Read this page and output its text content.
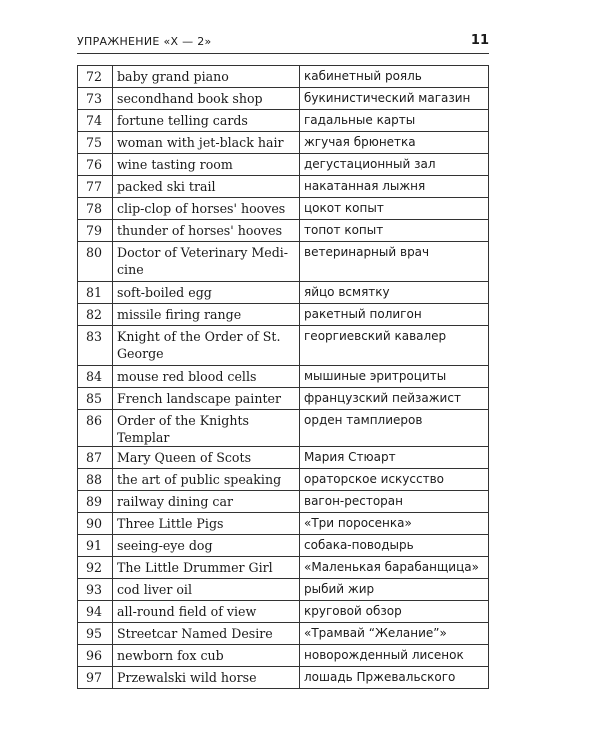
УПРАЖНЕНИЕ «X — 2»	11
72	baby grand piano	кабинетный рояль
73	secondhand book shop	букинистический магазин
74	fortune telling cards	гадальные карты
75	woman with jet-black hair	жгучая брюнетка
76	wine tasting room	дегустационный зал
77	packed ski trail	накатанная лыжня
78	clip-clop of horses' hooves	цокот копыт
79	thunder of horses' hooves	топот копыт
80	Doctor of Veterinary Medi-cine	ветеринарный врач
81	soft-boiled egg	яйцо всмятку
82	missile firing range	ракетный полигон
83	Knight of the Order of St. George	георгиевский кавалер
84	mouse red blood cells	мышиные эритроциты
85	French landscape painter	французский пейзажист
86	Order of the Knights Templar	орден тамплиеров
87	Mary Queen of Scots	Мария Стюарт
88	the art of public speaking	ораторское искусство
89	railway dining car	вагон-ресторан
90	Three Little Pigs	«Три поросенка»
91	seeing-eye dog	собака-поводырь
92	The Little Drummer Girl	«Маленькая барабанщица»
93	cod liver oil	рыбий жир
94	all-round field of view	круговой обзор
95	Streetcar Named Desire	«Трамвай “Желание”»
96	newborn fox cub	новорожденный лисенок
97	Przewalski wild horse	лошадь Пржевальского
